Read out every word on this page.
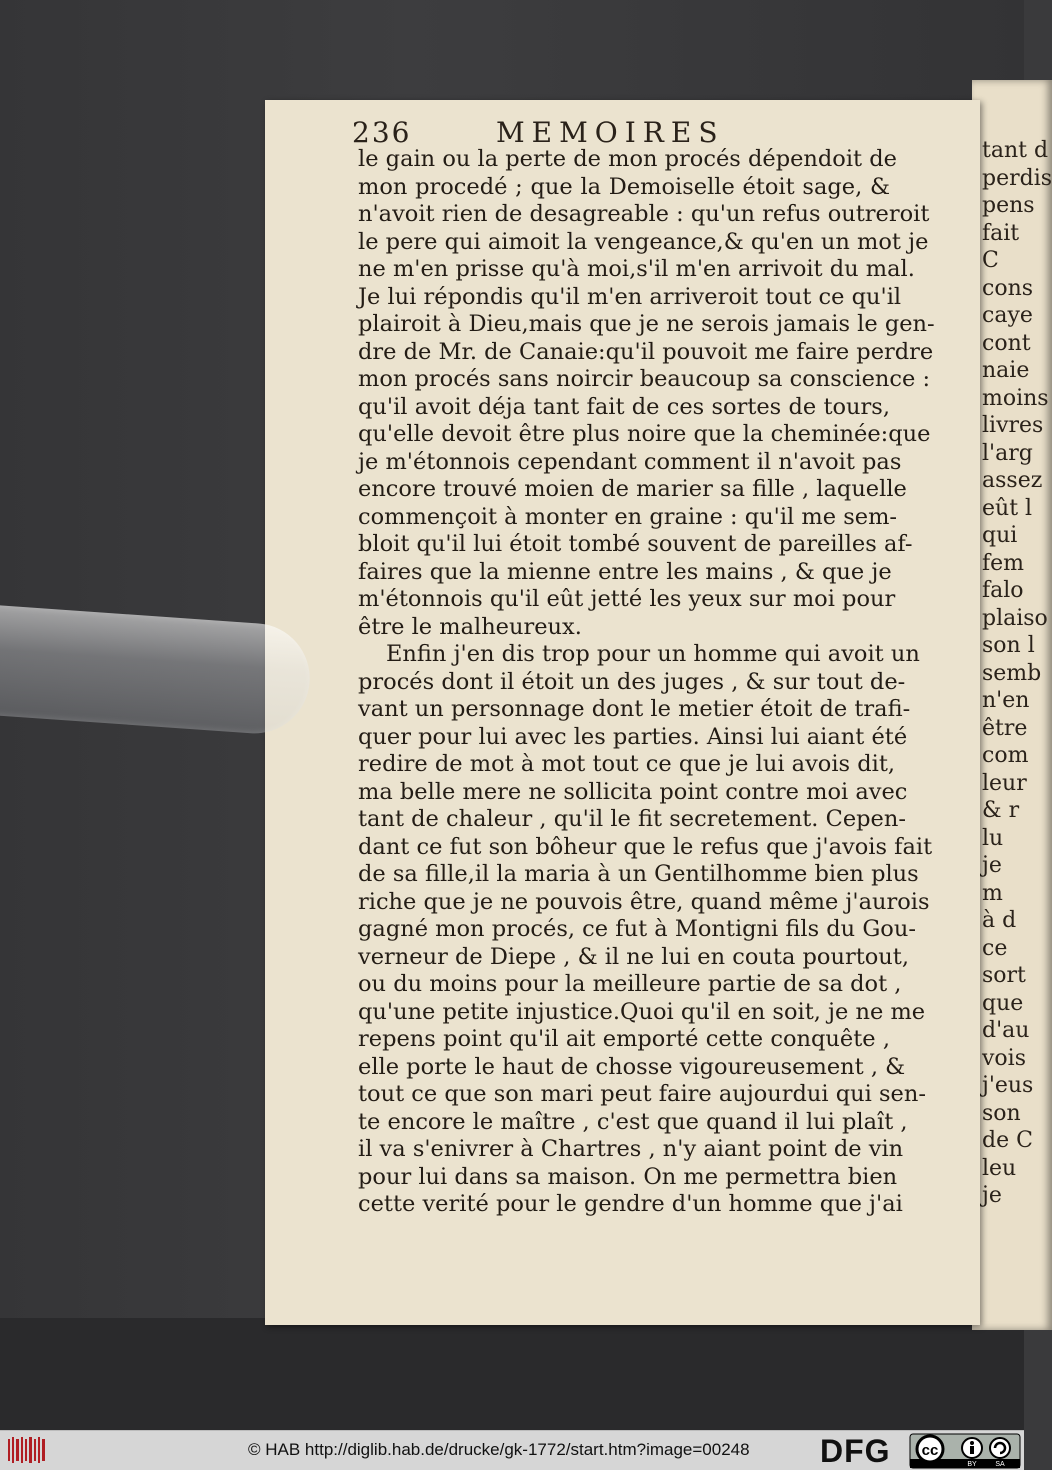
tant d
perdis
pens
fait
C
cons
caye
cont
naie
moins
livres
l'arg
assez
eût l
qui
fem
falo
plaiso
son l
semb
n'en
être
com
leur
& r
lu
je
m
à d
ce
sort
que
d'au
vois
j'eus
son
de C
leu
je
236	MEMOIRES
le gain ou la perte de mon procés dépendoit de
mon procedé ; que la Demoiselle étoit sage, &
n'avoit rien de desagreable : qu'un refus outreroit
le pere qui aimoit la vengeance,& qu'en un mot je
ne m'en prisse qu'à moi,s'il m'en arrivoit du mal.
Je lui répondis qu'il m'en arriveroit tout ce qu'il
plairoit à Dieu,mais que je ne serois jamais le gen-
dre de Mr. de Canaie:qu'il pouvoit me faire perdre
mon procés sans noircir beaucoup sa conscience :
qu'il avoit déja tant fait de ces sortes de tours,
qu'elle devoit être plus noire que la cheminée:que
je m'étonnois cependant comment il n'avoit pas
encore trouvé moien de marier sa fille , laquelle
commençoit à monter en graine : qu'il me sem-
bloit qu'il lui étoit tombé souvent de pareilles af-
faires que la mienne entre les mains , & que je
m'étonnois qu'il eût jetté les yeux sur moi pour
être le malheureux.
Enfin j'en dis trop pour un homme qui avoit un
procés dont il étoit un des juges , & sur tout de-
vant un personnage dont le metier étoit de trafi-
quer pour lui avec les parties. Ainsi lui aiant été
redire de mot à mot tout ce que je lui avois dit,
ma belle mere ne sollicita point contre moi avec
tant de chaleur , qu'il le fit secretement. Cepen-
dant ce fut son bôheur que le refus que j'avois fait
de sa fille,il la maria à un Gentilhomme bien plus
riche que je ne pouvois être, quand même j'aurois
gagné mon procés, ce fut à Montigni fils du Gou-
verneur de Diepe , & il ne lui en couta pourtout,
ou du moins pour la meilleure partie de sa dot ,
qu'une petite injustice.Quoi qu'il en soit, je ne me
repens point qu'il ait emporté cette conquête ,
elle porte le haut de chosse vigoureusement , &
tout ce que son mari peut faire aujourdui qui sen-
te encore le maître , c'est que quand il lui plaît ,
il va s'enivrer à Chartres , n'y aiant point de vin
pour lui dans sa maison. On me permettra bien
cette verité pour le gendre d'un homme que j'ai
© HAB http://diglib.hab.de/drucke/gk-1772/start.htm?image=00248 DFG cc
BY	SA
